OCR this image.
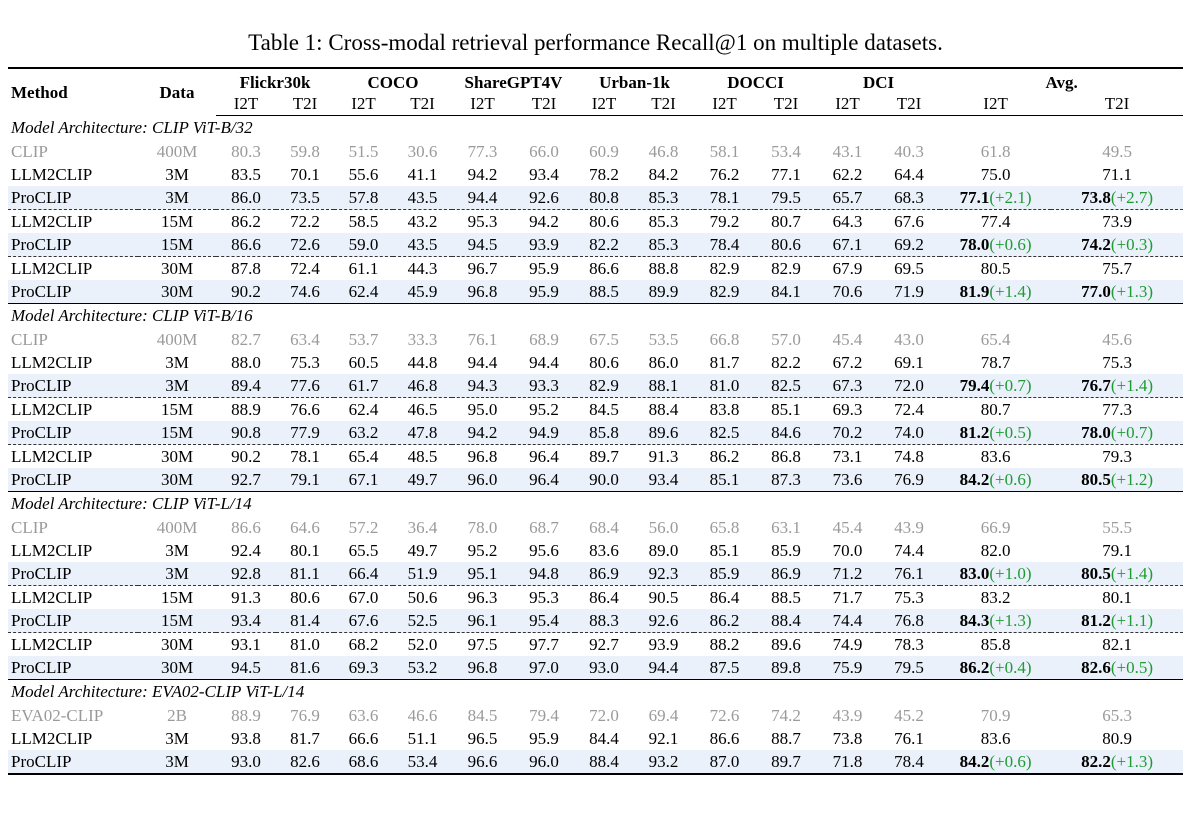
Table 1: Cross-modal retrieval performance Recall@1 on multiple datasets.
Method	Data	Flickr30k		COCO		ShareGPT4V		Urban-1k		DOCCI		DCI		Avg.	
		I2T	T2I	I2T	T2I	I2T	T2I	I2T	T2I	I2T	T2I	I2T	T2I	I2T	T2I
Model Architecture: CLIP ViT-B/32															
CLIP	400M	80.3	59.8	51.5	30.6	77.3	66.0	60.9	46.8	58.1	53.4	43.1	40.3	61.8	49.5
LLM2CLIP	3M	83.5	70.1	55.6	41.1	94.2	93.4	78.2	84.2	76.2	77.1	62.2	64.4	75.0	71.1
ProCLIP	3M	86.0	73.5	57.8	43.5	94.4	92.6	80.8	85.3	78.1	79.5	65.7	68.3	77.1(+2.1)	73.8(+2.7)
LLM2CLIP	15M	86.2	72.2	58.5	43.2	95.3	94.2	80.6	85.3	79.2	80.7	64.3	67.6	77.4	73.9
ProCLIP	15M	86.6	72.6	59.0	43.5	94.5	93.9	82.2	85.3	78.4	80.6	67.1	69.2	78.0(+0.6)	74.2(+0.3)
LLM2CLIP	30M	87.8	72.4	61.1	44.3	96.7	95.9	86.6	88.8	82.9	82.9	67.9	69.5	80.5	75.7
ProCLIP	30M	90.2	74.6	62.4	45.9	96.8	95.9	88.5	89.9	82.9	84.1	70.6	71.9	81.9(+1.4)	77.0(+1.3)
Model Architecture: CLIP ViT-B/16															
CLIP	400M	82.7	63.4	53.7	33.3	76.1	68.9	67.5	53.5	66.8	57.0	45.4	43.0	65.4	45.6
LLM2CLIP	3M	88.0	75.3	60.5	44.8	94.4	94.4	80.6	86.0	81.7	82.2	67.2	69.1	78.7	75.3
ProCLIP	3M	89.4	77.6	61.7	46.8	94.3	93.3	82.9	88.1	81.0	82.5	67.3	72.0	79.4(+0.7)	76.7(+1.4)
LLM2CLIP	15M	88.9	76.6	62.4	46.5	95.0	95.2	84.5	88.4	83.8	85.1	69.3	72.4	80.7	77.3
ProCLIP	15M	90.8	77.9	63.2	47.8	94.2	94.9	85.8	89.6	82.5	84.6	70.2	74.0	81.2(+0.5)	78.0(+0.7)
LLM2CLIP	30M	90.2	78.1	65.4	48.5	96.8	96.4	89.7	91.3	86.2	86.8	73.1	74.8	83.6	79.3
ProCLIP	30M	92.7	79.1	67.1	49.7	96.0	96.4	90.0	93.4	85.1	87.3	73.6	76.9	84.2(+0.6)	80.5(+1.2)
Model Architecture: CLIP ViT-L/14															
CLIP	400M	86.6	64.6	57.2	36.4	78.0	68.7	68.4	56.0	65.8	63.1	45.4	43.9	66.9	55.5
LLM2CLIP	3M	92.4	80.1	65.5	49.7	95.2	95.6	83.6	89.0	85.1	85.9	70.0	74.4	82.0	79.1
ProCLIP	3M	92.8	81.1	66.4	51.9	95.1	94.8	86.9	92.3	85.9	86.9	71.2	76.1	83.0(+1.0)	80.5(+1.4)
LLM2CLIP	15M	91.3	80.6	67.0	50.6	96.3	95.3	86.4	90.5	86.4	88.5	71.7	75.3	83.2	80.1
ProCLIP	15M	93.4	81.4	67.6	52.5	96.1	95.4	88.3	92.6	86.2	88.4	74.4	76.8	84.3(+1.3)	81.2(+1.1)
LLM2CLIP	30M	93.1	81.0	68.2	52.0	97.5	97.7	92.7	93.9	88.2	89.6	74.9	78.3	85.8	82.1
ProCLIP	30M	94.5	81.6	69.3	53.2	96.8	97.0	93.0	94.4	87.5	89.8	75.9	79.5	86.2(+0.4)	82.6(+0.5)
Model Architecture: EVA02-CLIP ViT-L/14															
EVA02-CLIP	2B	88.9	76.9	63.6	46.6	84.5	79.4	72.0	69.4	72.6	74.2	43.9	45.2	70.9	65.3
LLM2CLIP	3M	93.8	81.7	66.6	51.1	96.5	95.9	84.4	92.1	86.6	88.7	73.8	76.1	83.6	80.9
ProCLIP	3M	93.0	82.6	68.6	53.4	96.6	96.0	88.4	93.2	87.0	89.7	71.8	78.4	84.2(+0.6)	82.2(+1.3)
